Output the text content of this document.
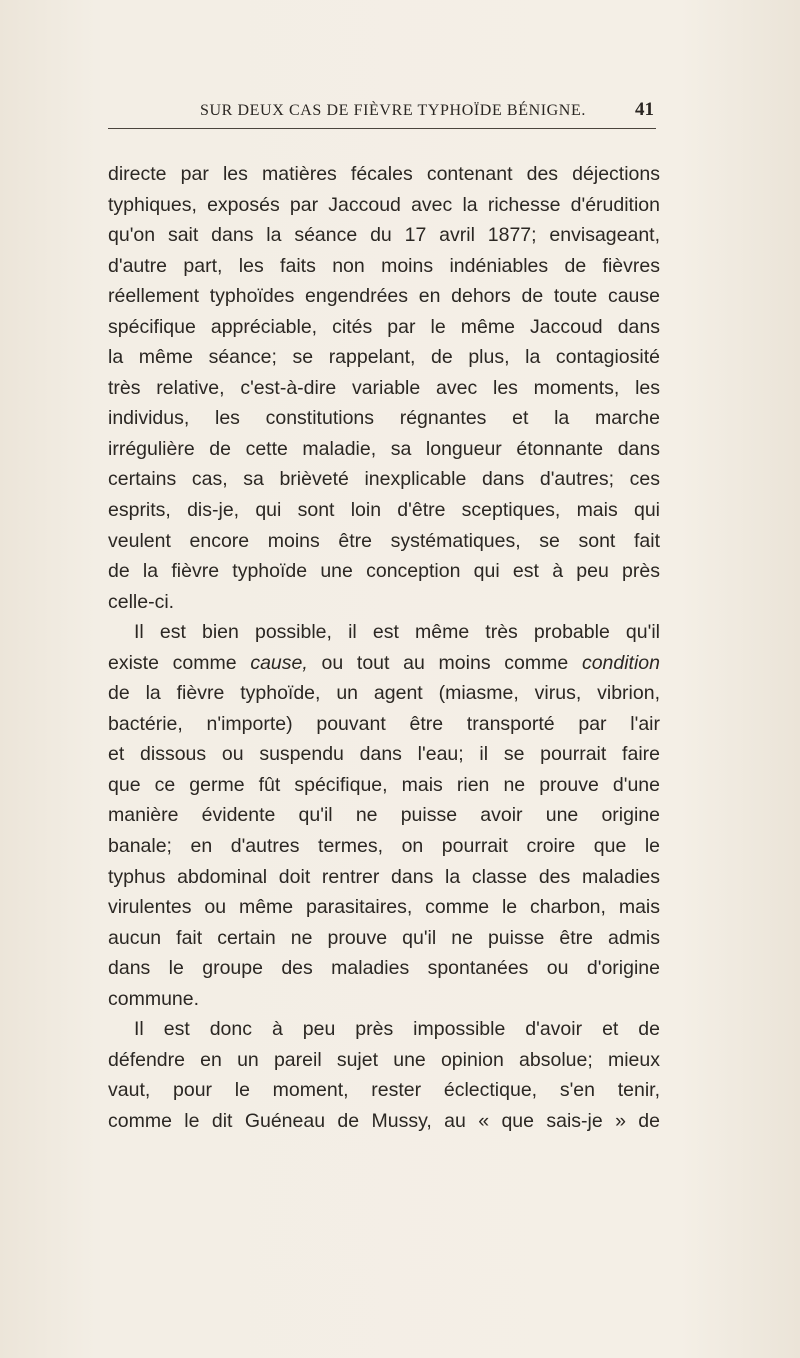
SUR DEUX CAS DE FIÈVRE TYPHOÏDE BÉNIGNE.	41
directe par les matières fécales contenant des déjections
typhiques, exposés par Jaccoud avec la richesse d'érudition
qu'on sait dans la séance du 17 avril 1877; envisageant,
d'autre part, les faits non moins indéniables de fièvres
réellement typhoïdes engendrées en dehors de toute cause
spécifique appréciable, cités par le même Jaccoud dans
la même séance; se rappelant, de plus, la contagiosité
très relative, c'est-à-dire variable avec les moments, les
individus, les constitutions régnantes et la marche
irrégulière de cette maladie, sa longueur étonnante dans
certains cas, sa brièveté inexplicable dans d'autres; ces
esprits, dis-je, qui sont loin d'être sceptiques, mais qui
veulent encore moins être systématiques, se sont fait
de la fièvre typhoïde une conception qui est à peu près
celle-ci.
Il est bien possible, il est même très probable qu'il
existe comme cause, ou tout au moins comme condition
de la fièvre typhoïde, un agent (miasme, virus, vibrion,
bactérie, n'importe) pouvant être transporté par l'air
et dissous ou suspendu dans l'eau; il se pourrait faire
que ce germe fût spécifique, mais rien ne prouve d'une
manière évidente qu'il ne puisse avoir une origine
banale; en d'autres termes, on pourrait croire que le
typhus abdominal doit rentrer dans la classe des maladies
virulentes ou même parasitaires, comme le charbon, mais
aucun fait certain ne prouve qu'il ne puisse être admis
dans le groupe des maladies spontanées ou d'origine
commune.
Il est donc à peu près impossible d'avoir et de
défendre en un pareil sujet une opinion absolue; mieux
vaut, pour le moment, rester éclectique, s'en tenir,
comme le dit Guéneau de Mussy, au « que sais-je » de
